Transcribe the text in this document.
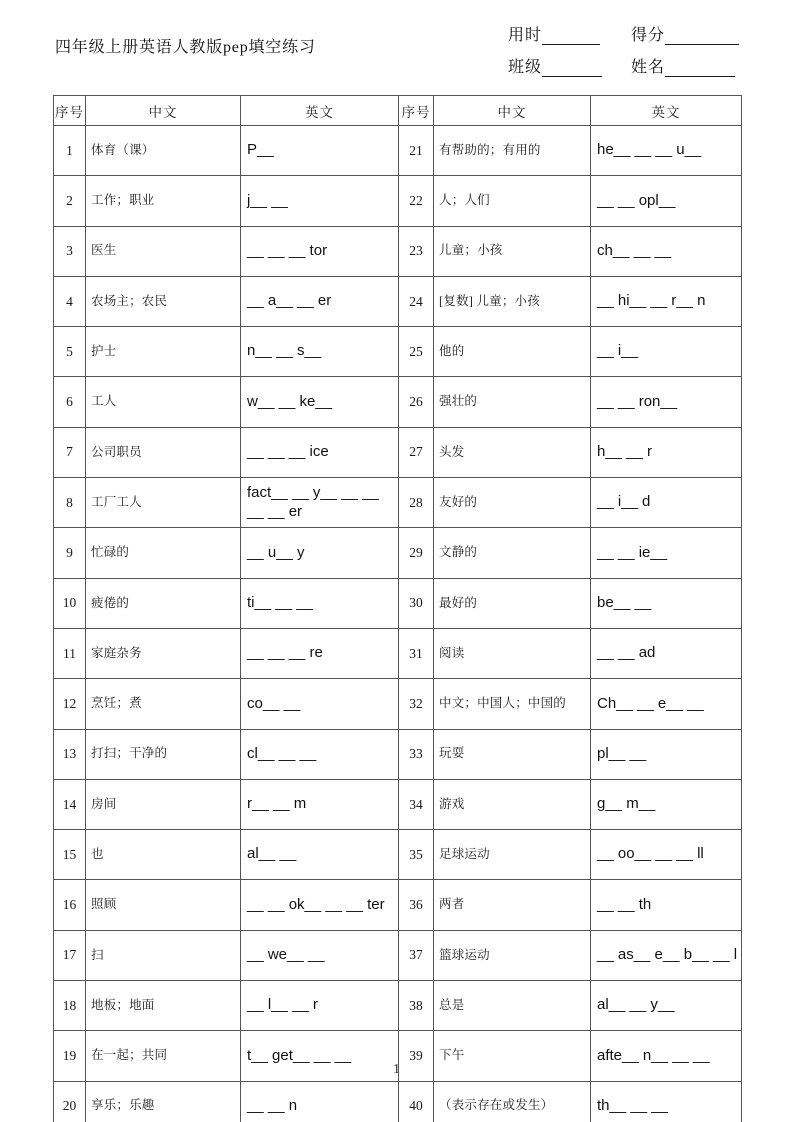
四年级上册英语人教版pep填空练习
用时	得分
班级	姓名
序号	中文	英文	序号	中文	英文
1	体育（课）	P__	21	有帮助的；有用的	he__ __ __ u__
2	工作；职业	j__ __	22	人；人们	__ __ opl__
3	医生	__ __ __ tor	23	儿童；小孩	ch__ __ __
4	农场主；农民	__ a__ __ er	24	[复数] 儿童；小孩	__ hi__ __ r__ n
5	护士	n__ __ s__	25	他的	__ i__
6	工人	w__ __ ke__	26	强壮的	__ __ ron__
7	公司职员	__ __ __ ice	27	头发	h__ __ r
8	工厂工人	fact__ __ y__ __ __ __ __ er	28	友好的	__ i__ d
9	忙碌的	__ u__ y	29	文静的	__ __ ie__
10	疲倦的	ti__ __ __	30	最好的	be__ __
11	家庭杂务	__ __ __ re	31	阅读	__ __ ad
12	烹饪；煮	co__ __	32	中文；中国人；中国的	Ch__ __ e__ __
13	打扫；干净的	cl__ __ __	33	玩耍	pl__ __
14	房间	r__ __ m	34	游戏	g__ m__
15	也	al__ __	35	足球运动	__ oo__ __ __ ll
16	照顾	__ __ ok__ __ __ ter	36	两者	__ __ th
17	扫	__ we__ __	37	篮球运动	__ as__ e__ b__ __ l
18	地板；地面	__ l__ __ r	38	总是	al__ __ y__
19	在一起；共同	t__ get__ __ __	39	下午	afte__ n__ __ __
20	享乐；乐趣	__ __ n	40	（表示存在或发生）	th__ __ __
1
